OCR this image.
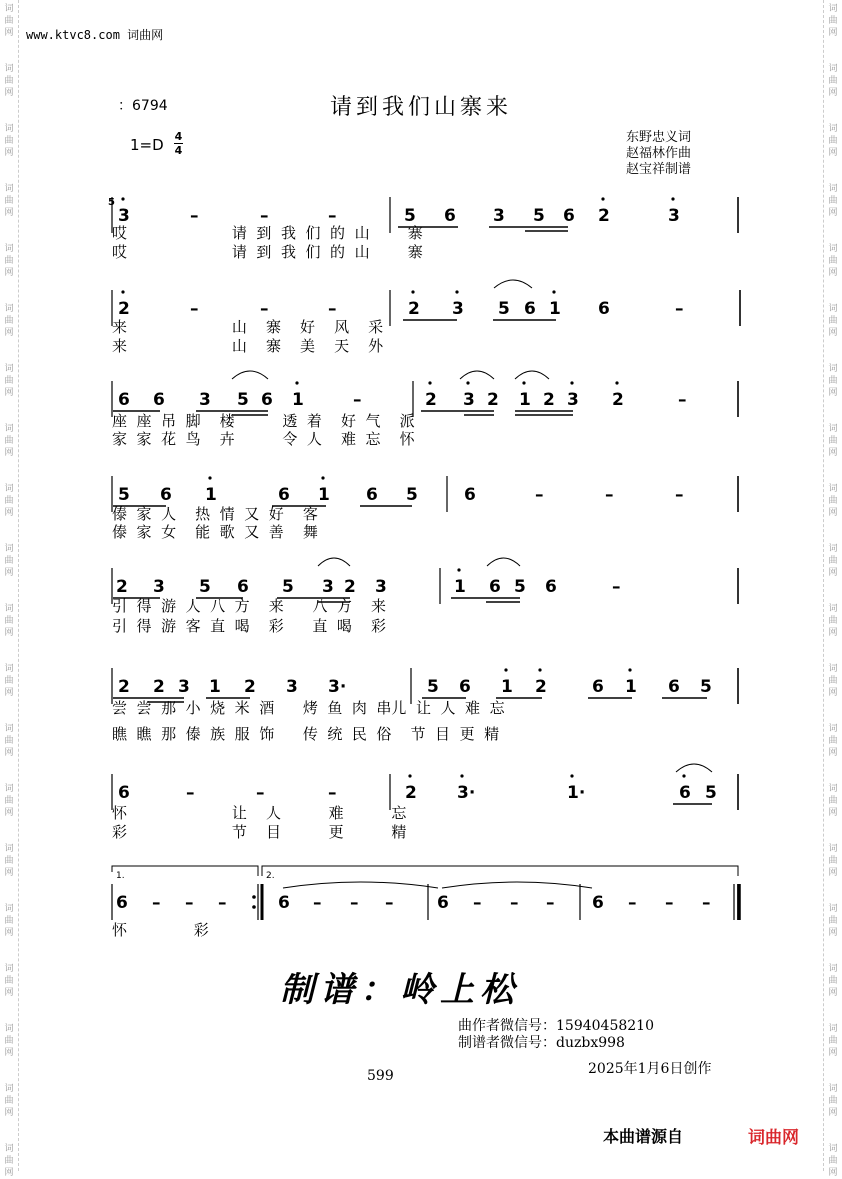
词
曲
网
词
曲
网
词
曲
网
词
曲
网
词
曲
网
词
曲
网
词
曲
网
词
曲
网
词
曲
网
词
曲
网
词
曲
网
词
曲
网
词
曲
网
词
曲
网
词
曲
网
词
曲
网
词
曲
网
词
曲
网
词
曲
网
词
曲
网
词
曲
网
词
曲
网
词
曲
网
词
曲
网
词
曲
网
词
曲
网
词
曲
网
词
曲
网
词
曲
网
词
曲
网
词
曲
网
词
曲
网
词
曲
网
词
曲
网
词
曲
网
词
曲
网
词
曲
网
词
曲
网
词
曲
网
词
曲
网
www.ktvc8.com 词曲网
：6794	请到我们山寨来
1=D 4
4
东野忠义词
赵福林作曲
赵宝祥制谱
3	–	–	–	5 6 3 5 6 2	3
2	–	–	–	2 3 5 6 1 6	–
6 6 3 5 6 1	–	2 3 2 1 2 3 2	–
5 6 1	6 1 6 5	6	–	–	–
2 3 5 6 5 3 2 3	1 6 5 6	–
2 2 3 1 2 3 3·	5 6 1 2	6 1 6 5
6	–	–	–	2 3·	1·	6 5
6 – – –	6 – – –	6 – – – 6 – – –
1.	2.
5
哎                      请  到  我  们  的  山        寨
哎                      请  到  我  们  的  山        寨
来                      山    寨    好    风    采
来                      山    寨    美    天    外
座  座  吊  脚    楼          透  着    好  气    派
家  家  花  鸟    卉          令  人    难  忘    怀
傣  家  人    热  情  又  好    客
傣  家  女    能  歌  又  善    舞
引  得  游  人  八  方    来      八  方    来
引  得  游  客  直  喝    彩      直  喝    彩
尝  尝  那  小  烧  米  酒      烤  鱼  肉  串儿  让  人  难  忘
瞧  瞧  那  傣  族  服  饰      传  统  民  俗    节  目  更  精
怀                      让    人          难          忘
彩                      节    目          更          精
怀              彩
制谱：岭上松
曲作者微信号：15940458210
制谱者微信号：duzbx998
2025年1月6日创作
599
本曲谱源自	词曲网
